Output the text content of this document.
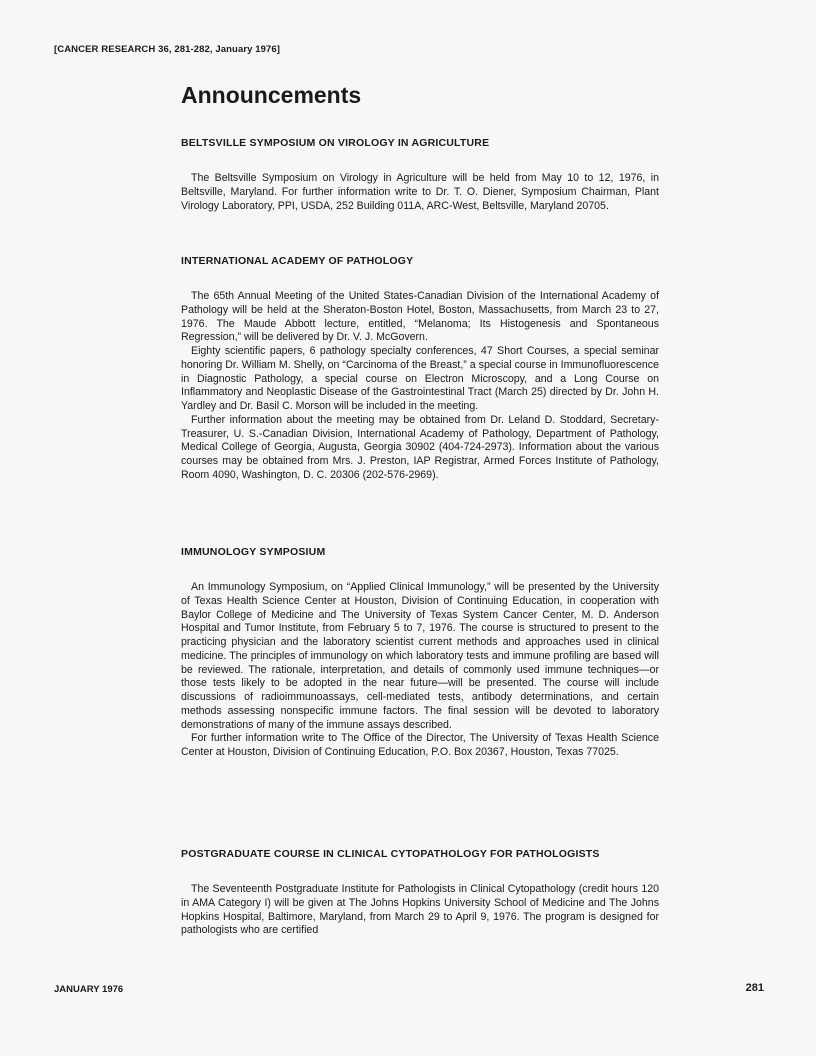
[CANCER RESEARCH 36, 281-282, January 1976]
Announcements
BELTSVILLE SYMPOSIUM ON VIROLOGY IN AGRICULTURE

The Beltsville Symposium on Virology in Agriculture will be held from May 10 to 12, 1976, in Beltsville, Maryland. For further information write to Dr. T. O. Diener, Symposium Chairman, Plant Virology Laboratory, PPI, USDA, 252 Building 011A, ARC-West, Beltsville, Maryland 20705.

INTERNATIONAL ACADEMY OF PATHOLOGY

The 65th Annual Meeting of the United States-Canadian Division of the International Academy of Pathology will be held at the Sheraton-Boston Hotel, Boston, Massachusetts, from March 23 to 27, 1976. The Maude Abbott lecture, entitled, “Melanoma; Its Histogenesis and Spontaneous Regression,” will be delivered by Dr. V. J. McGovern.

Eighty scientific papers, 6 pathology specialty conferences, 47 Short Courses, a special seminar honoring Dr. William M. Shelly, on “Carcinoma of the Breast,” a special course in Immunofluorescence in Diagnostic Pathology, a special course on Electron Microscopy, and a Long Course on Inflammatory and Neoplastic Disease of the Gastrointestinal Tract (March 25) directed by Dr. John H. Yardley and Dr. Basil C. Morson will be included in the meeting.

Further information about the meeting may be obtained from Dr. Leland D. Stoddard, Secretary-Treasurer, U. S.-Canadian Division, International Academy of Pathology, Department of Pathology, Medical College of Georgia, Augusta, Georgia 30902 (404-724-2973). Information about the various courses may be obtained from Mrs. J. Preston, IAP Registrar, Armed Forces Institute of Pathology, Room 4090, Washington, D. C. 20306 (202-576-2969).

IMMUNOLOGY SYMPOSIUM

An Immunology Symposium, on “Applied Clinical Immunology,” will be presented by the University of Texas Health Science Center at Houston, Division of Continuing Education, in cooperation with Baylor College of Medicine and The University of Texas System Cancer Center, M. D. Anderson Hospital and Tumor Institute, from February 5 to 7, 1976. The course is structured to present to the practicing physician and the laboratory scientist current methods and approaches used in clinical medicine. The principles of immunology on which laboratory tests and immune profiling are based will be reviewed. The rationale, interpretation, and details of commonly used immune techniques—or those tests likely to be adopted in the near future—will be presented. The course will include discussions of radioimmunoassays, cell-mediated tests, antibody determinations, and certain methods assessing nonspecific immune factors. The final session will be devoted to laboratory demonstrations of many of the immune assays described.

For further information write to The Office of the Director, The University of Texas Health Science Center at Houston, Division of Continuing Education, P.O. Box 20367, Houston, Texas 77025.

POSTGRADUATE COURSE IN CLINICAL CYTOPATHOLOGY FOR PATHOLOGISTS

The Seventeenth Postgraduate Institute for Pathologists in Clinical Cytopathology (credit hours 120 in AMA Category I) will be given at The Johns Hopkins University School of Medicine and The Johns Hopkins Hospital, Baltimore, Maryland, from March 29 to April 9, 1976. The program is designed for pathologists who are certified

JANUARY 1976	281
